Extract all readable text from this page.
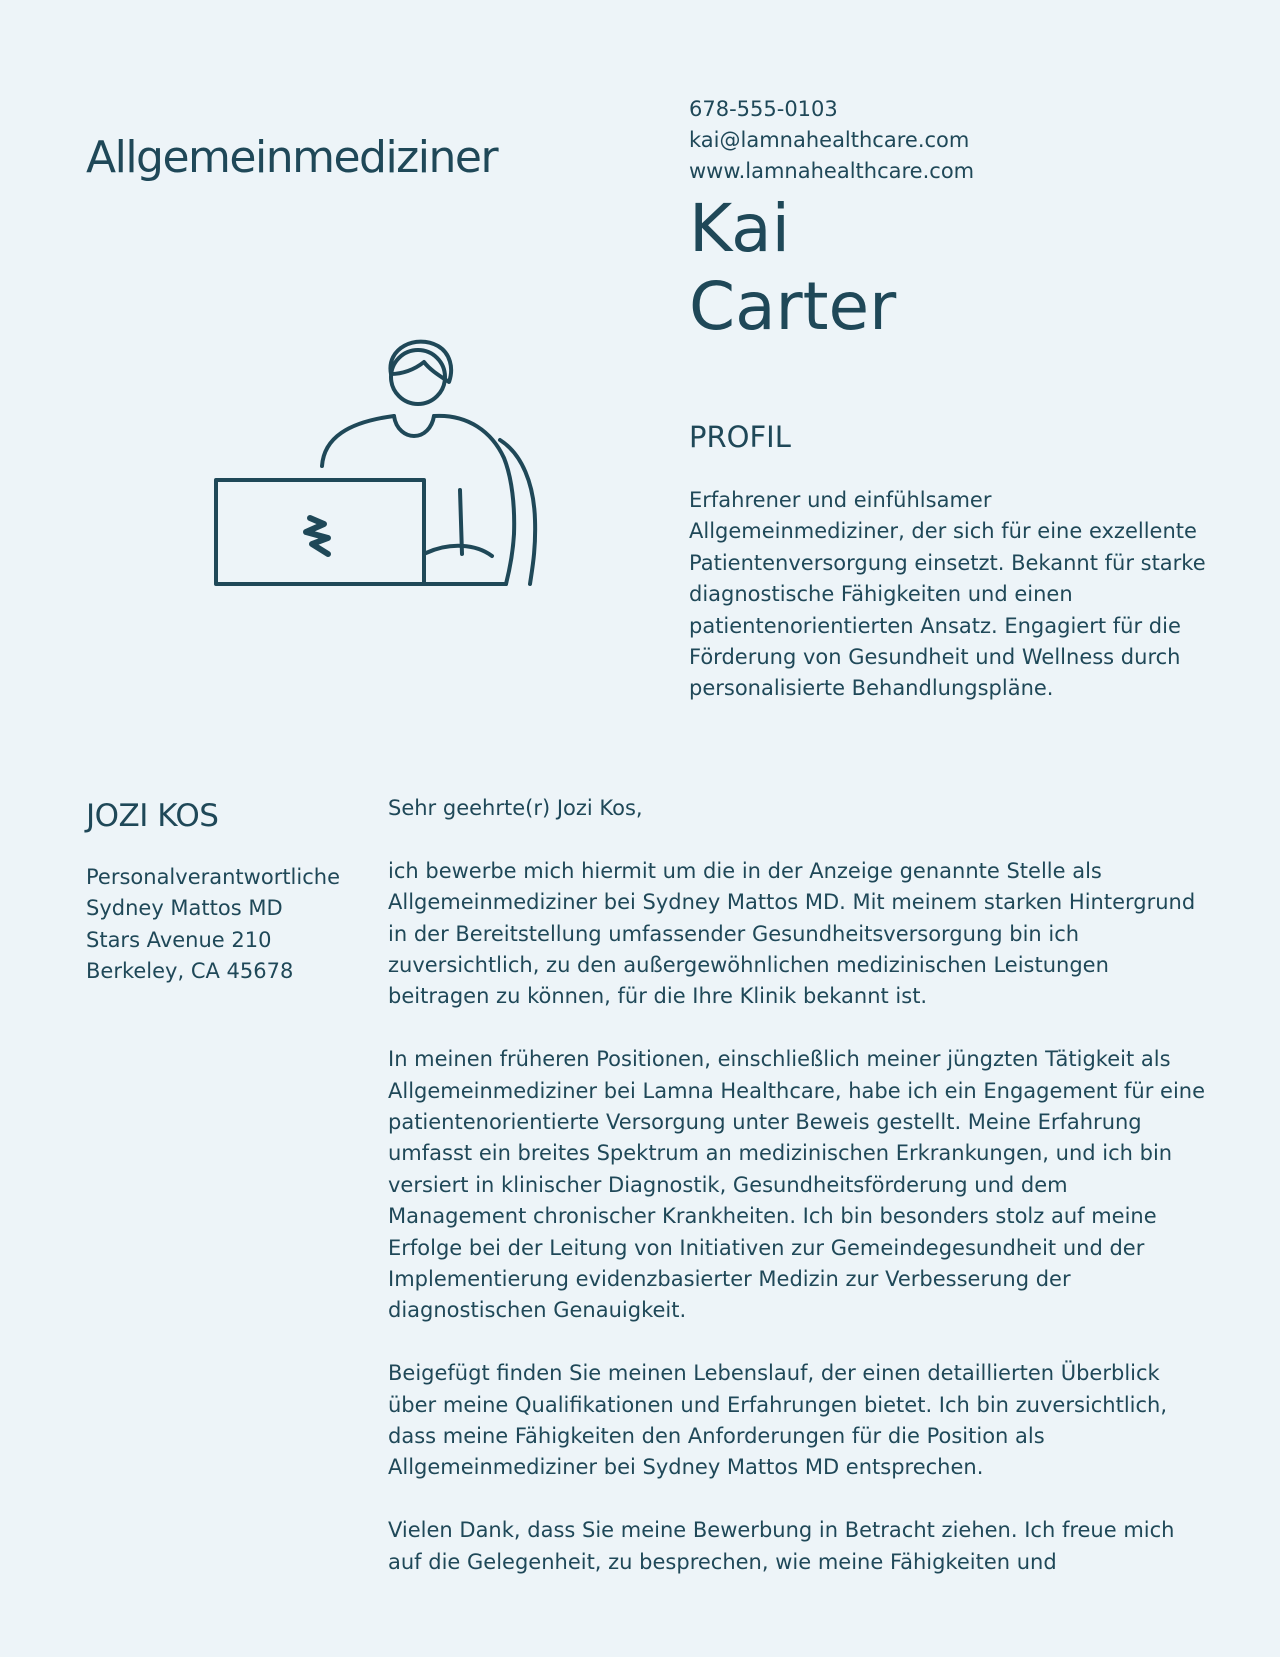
Allgemeinmediziner
678-555-0103
kai@lamnahealthcare.com
www.lamnahealthcare.com
Kai
Carter
PROFIL
Erfahrener und einfühlsamer Allgemeinmediziner, der sich für eine exzellente Patientenversorgung einsetzt. Bekannt für starke diagnostische Fähigkeiten und einen patientenorientierten Ansatz. Engagiert für die Förderung von Gesundheit und Wellness durch personalisierte Behandlungspläne.
JOZI KOS
Personalverantwortliche
Sydney Mattos MD
Stars Avenue 210
Berkeley, CA 45678

Sehr geehrte(r) Jozi Kos,

ich bewerbe mich hiermit um die in der Anzeige genannte Stelle als Allgemeinmediziner bei Sydney Mattos MD. Mit meinem starken Hintergrund in der Bereitstellung umfassender Gesundheitsversorgung bin ich zuversichtlich, zu den außergewöhnlichen medizinischen Leistungen beitragen zu können, für die Ihre Klinik bekannt ist.

In meinen früheren Positionen, einschließlich meiner jüngzten Tätigkeit als Allgemeinmediziner bei Lamna Healthcare, habe ich ein Engagement für eine patientenorientierte Versorgung unter Beweis gestellt. Meine Erfahrung umfasst ein breites Spektrum an medizinischen Erkrankungen, und ich bin versiert in klinischer Diagnostik, Gesundheitsförderung und dem Management chronischer Krankheiten. Ich bin besonders stolz auf meine Erfolge bei der Leitung von Initiativen zur Gemeindegesundheit und der Implementierung evidenzbasierter Medizin zur Verbesserung der diagnostischen Genauigkeit.

Beigefügt finden Sie meinen Lebenslauf, der einen detaillierten Überblick über meine Qualifikationen und Erfahrungen bietet. Ich bin zuversichtlich, dass meine Fähigkeiten den Anforderungen für die Position als Allgemeinmediziner bei Sydney Mattos MD entsprechen.

Vielen Dank, dass Sie meine Bewerbung in Betracht ziehen. Ich freue mich auf die Gelegenheit, zu besprechen, wie meine Fähigkeiten und
